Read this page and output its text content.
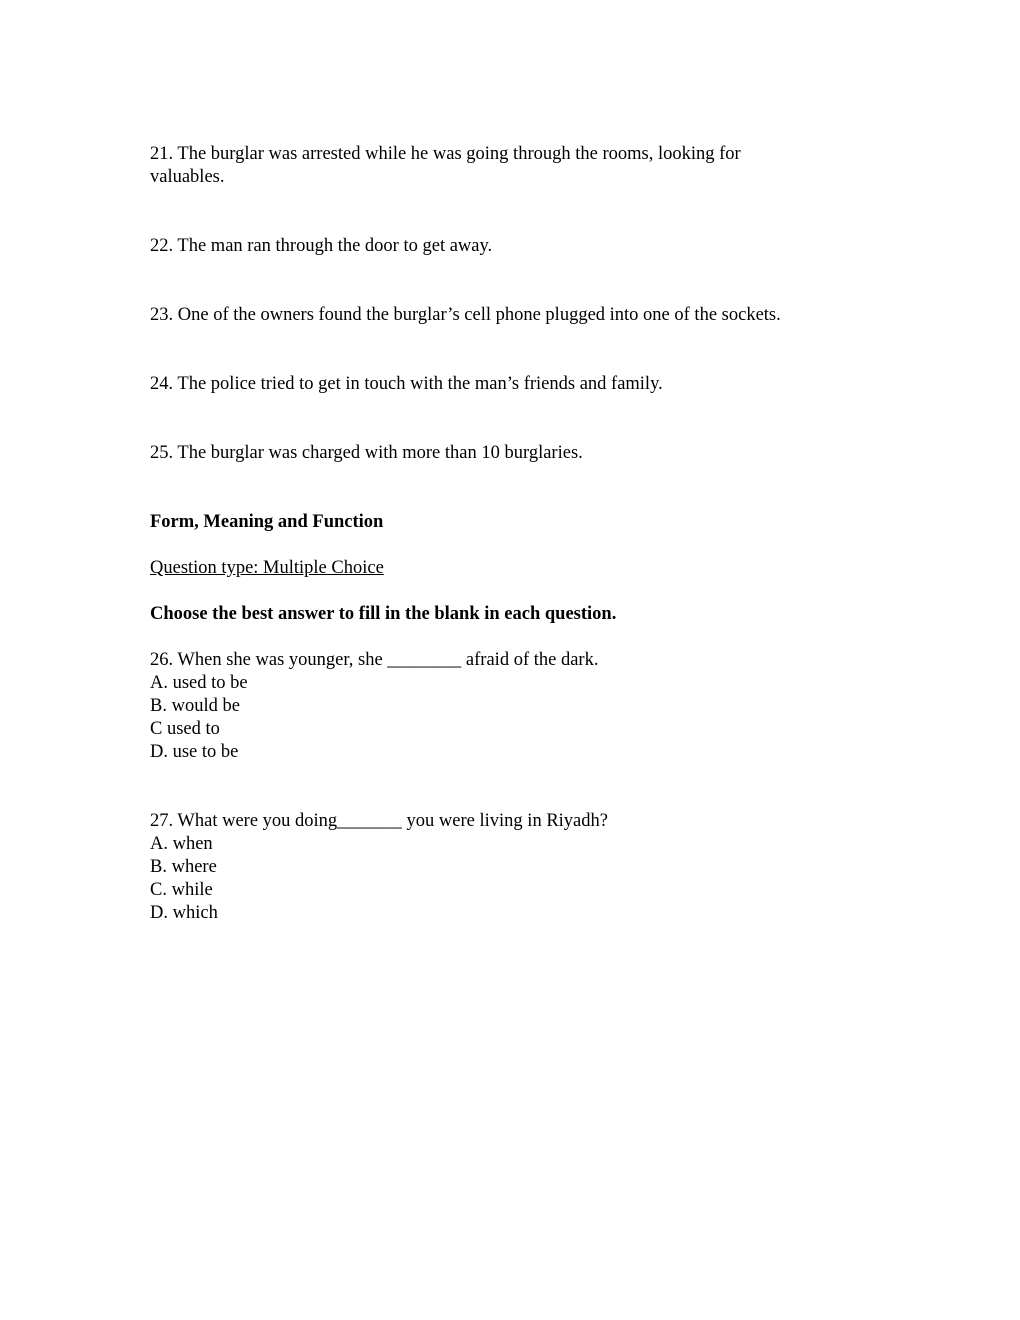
21. The burglar was arrested while he was going through the rooms, looking for
valuables.
22. The man ran through the door to get away.
23. One of the owners found the burglar’s cell phone plugged into one of the sockets.
24. The police tried to get in touch with the man’s friends and family.
25. The burglar was charged with more than 10 burglaries.
Form, Meaning and Function
Question type: Multiple Choice
Choose the best answer to fill in the blank in each question.
26. When she was younger, she ________ afraid of the dark.
A. used to be
B. would be
C used to
D. use to be
27. What were you doing_______ you were living in Riyadh?
A. when
B. where
C. while
D. which
